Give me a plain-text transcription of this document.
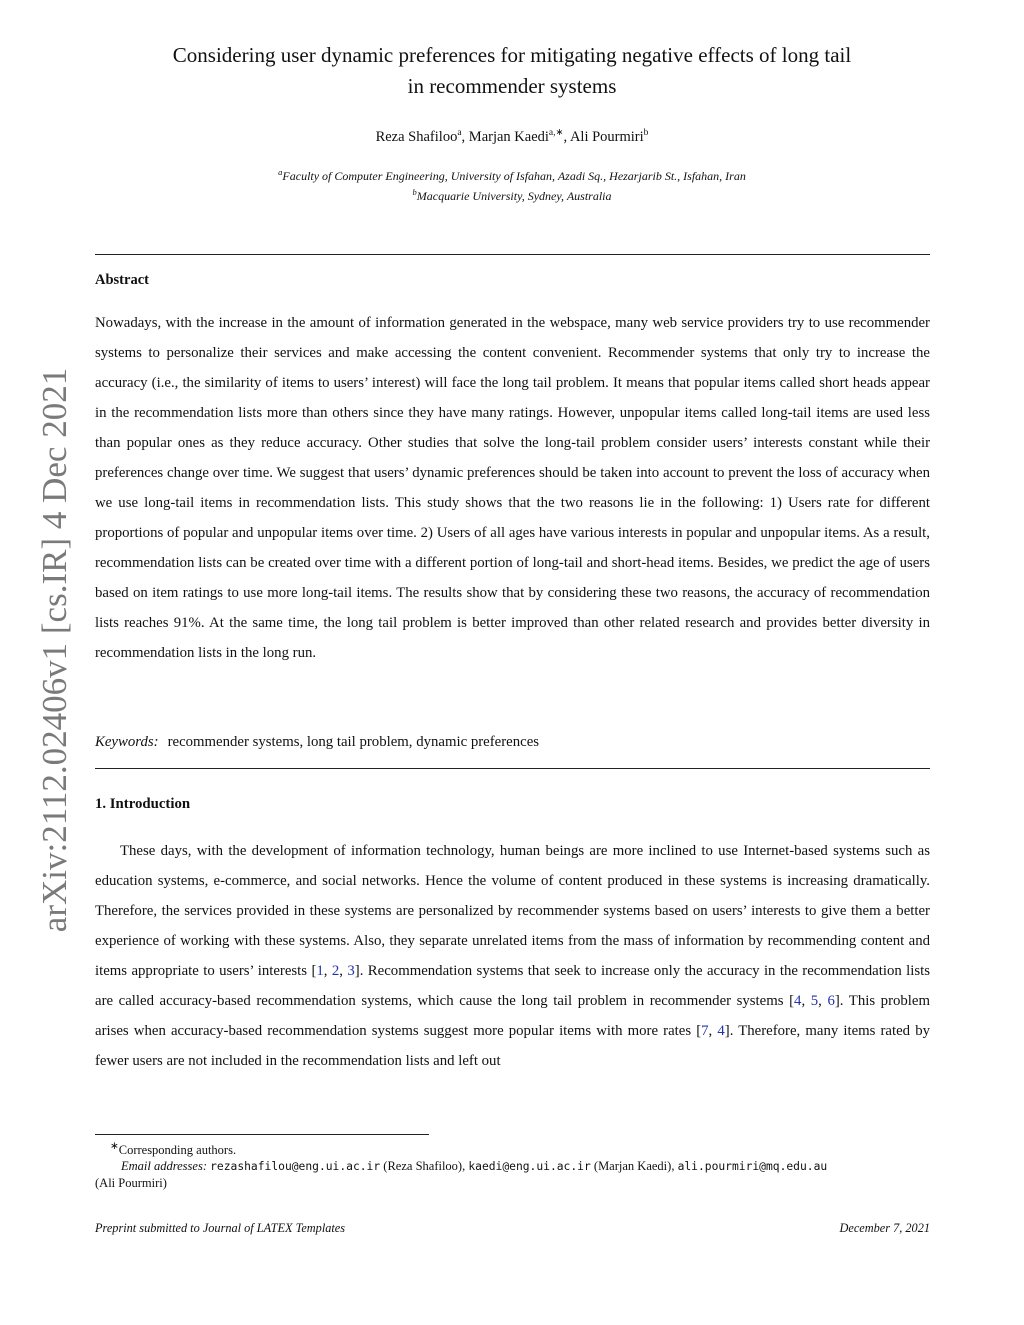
arXiv:2112.02406v1 [cs.IR] 4 Dec 2021
Considering user dynamic preferences for mitigating negative effects of long tail
in recommender systems
Reza Shafiloo$^a$, Marjan Kaedi$^{a,∗}$, Ali Pourmiri$^b$
$^a$Faculty of Computer Engineering, University of Isfahan, Azadi Sq., Hezarjarib St., Isfahan, Iran
$^b$Macquarie University, Sydney, Australia
Abstract
Nowadays, with the increase in the amount of information generated in the webspace, many web service providers try to use recommender systems to personalize their services and make accessing the content convenient. Recommender systems that only try to increase the accuracy (i.e., the similarity of items to users’ interest) will face the long tail problem. It means that popular items called short heads appear in the recommendation lists more than others since they have many ratings. However, unpopular items called long-tail items are used less than popular ones as they reduce accuracy. Other studies that solve the long-tail problem consider users’ interests constant while their preferences change over time. We suggest that users’ dynamic preferences should be taken into account to prevent the loss of accuracy when we use long-tail items in recommendation lists. This study shows that the two reasons lie in the following: 1) Users rate for different proportions of popular and unpopular items over time. 2) Users of all ages have various interests in popular and unpopular items. As a result, recommendation lists can be created over time with a different portion of long-tail and short-head items. Besides, we predict the age of users based on item ratings to use more long-tail items. The results show that by considering these two reasons, the accuracy of recommendation lists reaches 91%. At the same time, the long tail problem is better improved than other related research and provides better diversity in recommendation lists in the long run.
Keywords: recommender systems, long tail problem, dynamic preferences
1. Introduction
These days, with the development of information technology, human beings are more inclined to use Internet-based systems such as education systems, e-commerce, and social networks. Hence the volume of content produced in these systems is increasing dramatically. Therefore, the services provided in these systems are personalized by recommender systems based on users’ interests to give them a better experience of working with these systems. Also, they separate unrelated items from the mass of information by recommending content and items appropriate to users’ interests [1, 2, 3]. Recommendation systems that seek to increase only the accuracy in the recommendation lists are called accuracy-based recommendation systems, which cause the long tail problem in recommender systems [4, 5, 6]. This problem arises when accuracy-based recommendation systems suggest more popular items with more rates [7, 4]. Therefore, many items rated by fewer users are not included in the recommendation lists and left out
∗Corresponding authors.
Email addresses: rezashafilou@eng.ui.ac.ir (Reza Shafiloo), kaedi@eng.ui.ac.ir (Marjan Kaedi), ali.pourmiri@mq.edu.au
(Ali Pourmiri)
Preprint submitted to Journal of LATEX Templates	December 7, 2021
